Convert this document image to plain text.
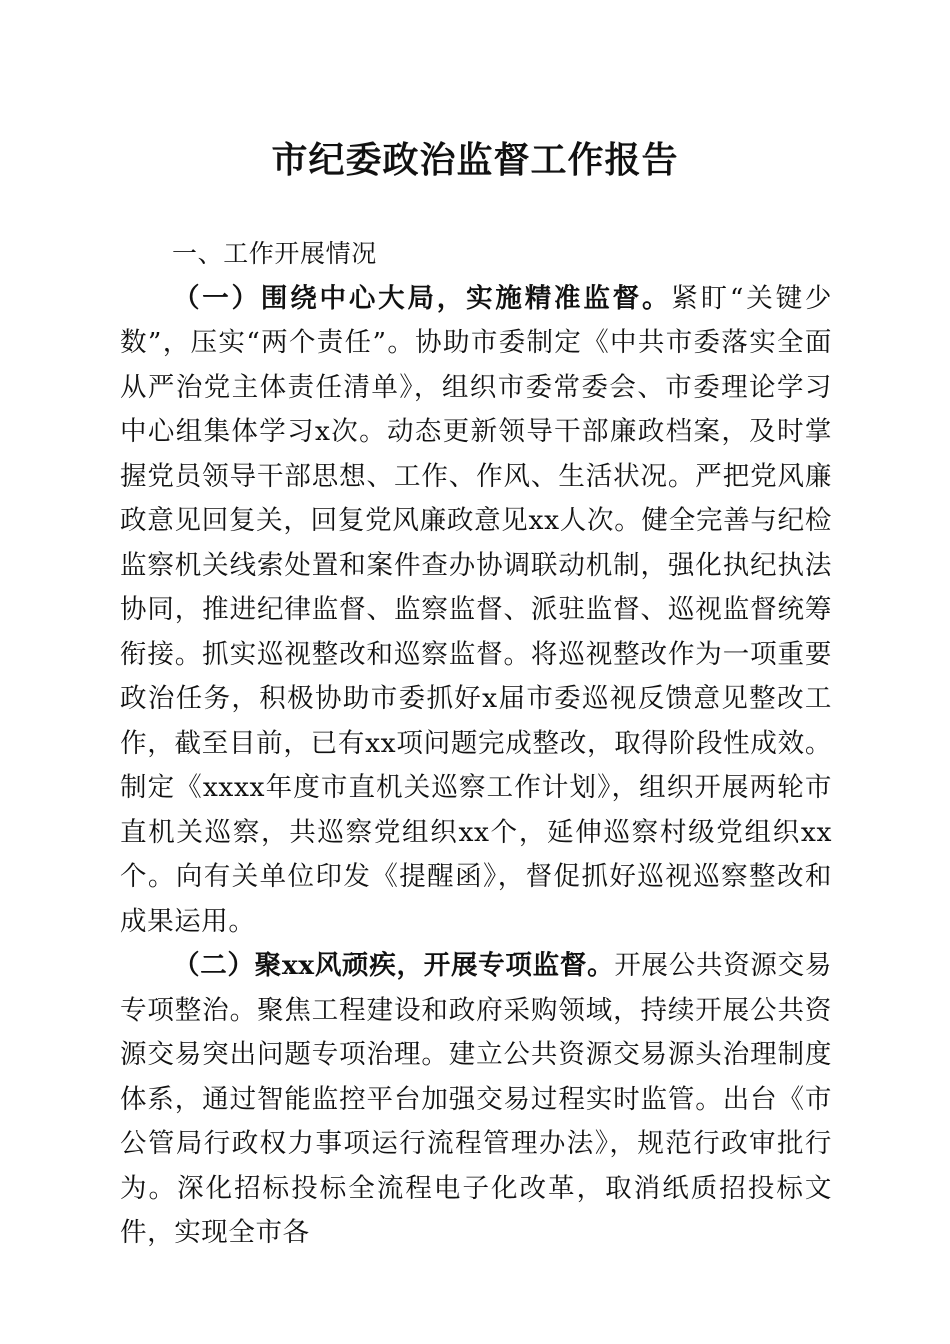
市纪委政治监督工作报告
一、工作开展情况

（一）围绕中心大局，实施精准监督。紧盯“关键少数”，压实“两个责任”。协助市委制定《中共市委落实全面从严治党主体责任清单》，组织市委常委会、市委理论学习中心组集体学习x次。动态更新领导干部廉政档案，及时掌握党员领导干部思想、工作、作风、生活状况。严把党风廉政意见回复关，回复党风廉政意见xx人次。健全完善与纪检监察机关线索处置和案件查办协调联动机制，强化执纪执法协同，推进纪律监督、监察监督、派驻监督、巡视监督统筹衔接。抓实巡视整改和巡察监督。将巡视整改作为一项重要政治任务，积极协助市委抓好x届市委巡视反馈意见整改工作，截至目前，已有xx项问题完成整改，取得阶段性成效。制定《xxxx年度市直机关巡察工作计划》，组织开展两轮市直机关巡察，共巡察党组织xx个，延伸巡察村级党组织xx个。向有关单位印发《提醒函》，督促抓好巡视巡察整改和成果运用。

（二）聚xx风顽疾，开展专项监督。开展公共资源交易专项整治。聚焦工程建设和政府采购领域，持续开展公共资源交易突出问题专项治理。建立公共资源交易源头治理制度体系，通过智能监控平台加强交易过程实时监管。出台《市公管局行政权力事项运行流程管理办法》，规范行政审批行为。深化招标投标全流程电子化改革，取消纸质招投标文件，实现全市各
